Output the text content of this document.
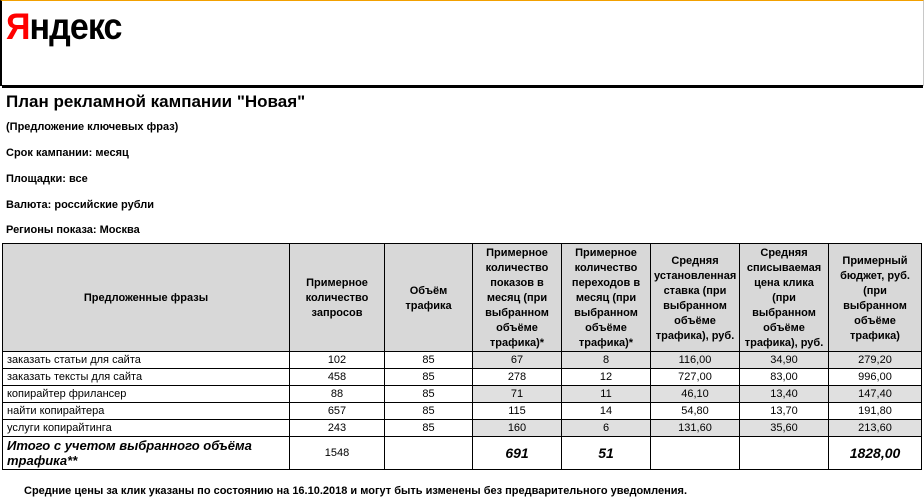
Яндекс
План рекламной кампании "Новая"
(Предложение ключевых фраз)
Срок кампании: месяц
Площадки: все
Валюта: российские рубли
Регионы показа: Москва
Предложенные фразы	Примерное количество запросов	Объём трафика	Примерное количество показов в месяц (при выбранном объёме трафика)*	Примерное количество переходов в месяц (при выбранном объёме трафика)*	Средняя установленная ставка (при выбранном объёме трафика), руб.	Средняя списываемая цена клика (при выбранном объёме трафика), руб.	Примерный бюджет, руб. (при выбранном объёме трафика)
заказать статьи для сайта	102	85	67	8	116,00	34,90	279,20
заказать тексты для сайта	458	85	278	12	727,00	83,00	996,00
копирайтер фрилансер	88	85	71	11	46,10	13,40	147,40
найти копирайтера	657	85	115	14	54,80	13,70	191,80
услуги копирайтинга	243	85	160	6	131,60	35,60	213,60
Итого с учетом выбранного объёма трафика**	1548		691	51			1828,00
Средние цены за клик указаны по состоянию на 16.10.2018 и могут быть изменены без предварительного уведомления.
